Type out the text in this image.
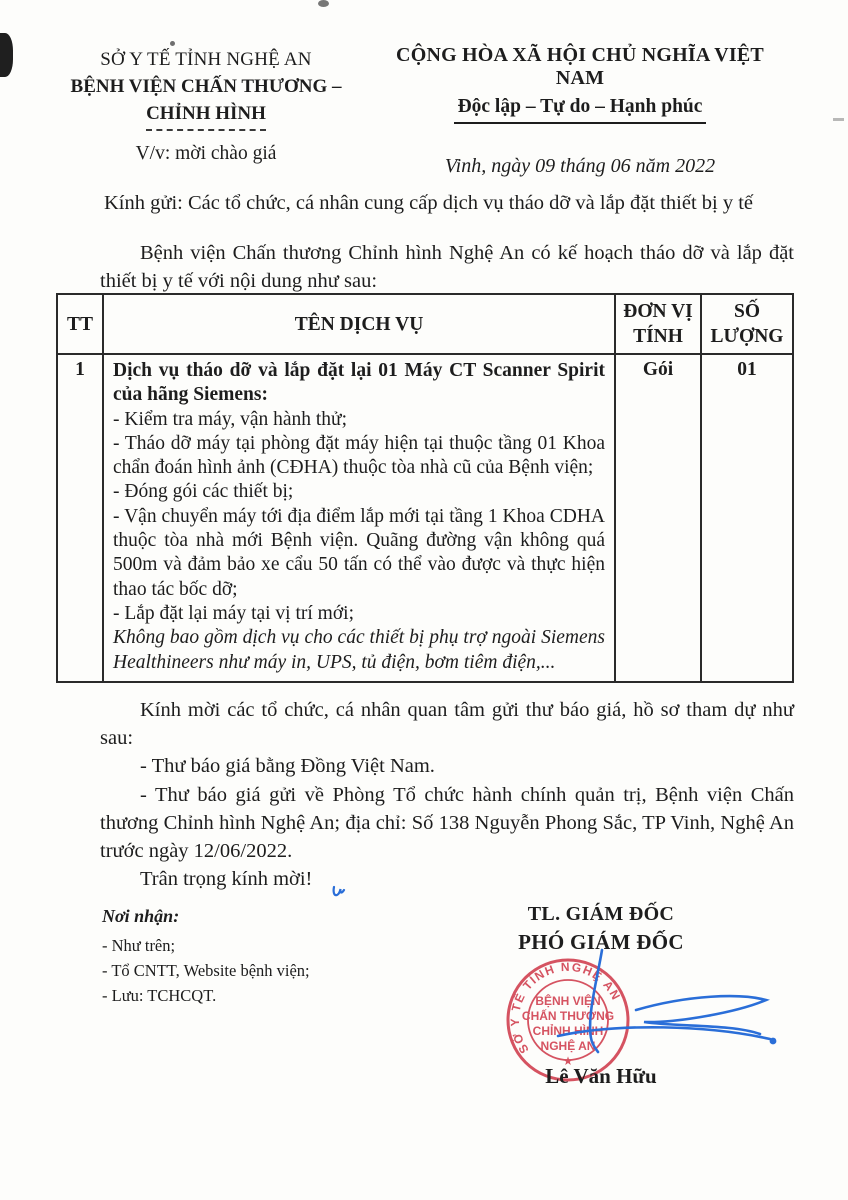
SỞ Y TẾ TỈNH NGHỆ AN
BỆNH VIỆN CHẤN THƯƠNG –
CHỈNH HÌNH
V/v: mời chào giá
CỘNG HÒA XÃ HỘI CHỦ NGHĨA VIỆT NAM
Độc lập – Tự do – Hạnh phúc
Vinh, ngày 09 tháng 06 năm 2022
Kính gửi: Các tổ chức, cá nhân cung cấp dịch vụ tháo dỡ và lắp đặt thiết bị y tế
Bệnh viện Chấn thương Chỉnh hình Nghệ An có kế hoạch tháo dỡ và lắp đặt thiết bị y tế với nội dung như sau:
TT	TÊN DỊCH VỤ	ĐƠN VỊ TÍNH	SỐ LƯỢNG
1	Dịch vụ tháo dỡ và lắp đặt lại 01 Máy CT Scanner Spirit của hãng Siemens:
- Kiểm tra máy, vận hành thử;
- Tháo dỡ máy tại phòng đặt máy hiện tại thuộc tầng 01 Khoa chẩn đoán hình ảnh (CĐHA) thuộc tòa nhà cũ của Bệnh viện;
- Đóng gói các thiết bị;
- Vận chuyển máy tới địa điểm lắp mới tại tầng 1 Khoa CDHA thuộc tòa nhà mới Bệnh viện. Quãng đường vận không quá 500m và đảm bảo xe cẩu 50 tấn có thể vào được và thực hiện thao tác bốc dỡ;
- Lắp đặt lại máy tại vị trí mới;
Không bao gồm dịch vụ cho các thiết bị phụ trợ ngoài Siemens Healthineers như máy in, UPS, tủ điện, bơm tiêm điện,...
	Gói	01

Kính mời các tổ chức, cá nhân quan tâm gửi thư báo giá, hồ sơ tham dự như sau:

- Thư báo giá bằng Đồng Việt Nam.

- Thư báo giá gửi về Phòng Tổ chức hành chính quản trị, Bệnh viện Chấn thương Chỉnh hình Nghệ An; địa chỉ: Số 138 Nguyễn Phong Sắc, TP Vinh, Nghệ An trước ngày 12/06/2022.

Trân trọng kính mời!

Nơi nhận:
- Như trên;
- Tổ CNTT, Website bệnh viện;
- Lưu: TCHCQT.
TL. GIÁM ĐỐC
PHÓ GIÁM ĐỐC
SỞ Y TẾ TỈNH NGHỆ AN
BỆNH VIỆN
CHẤN THƯƠNG
CHỈNH HÌNH
NGHỆ AN
★
Lê Văn Hữu
